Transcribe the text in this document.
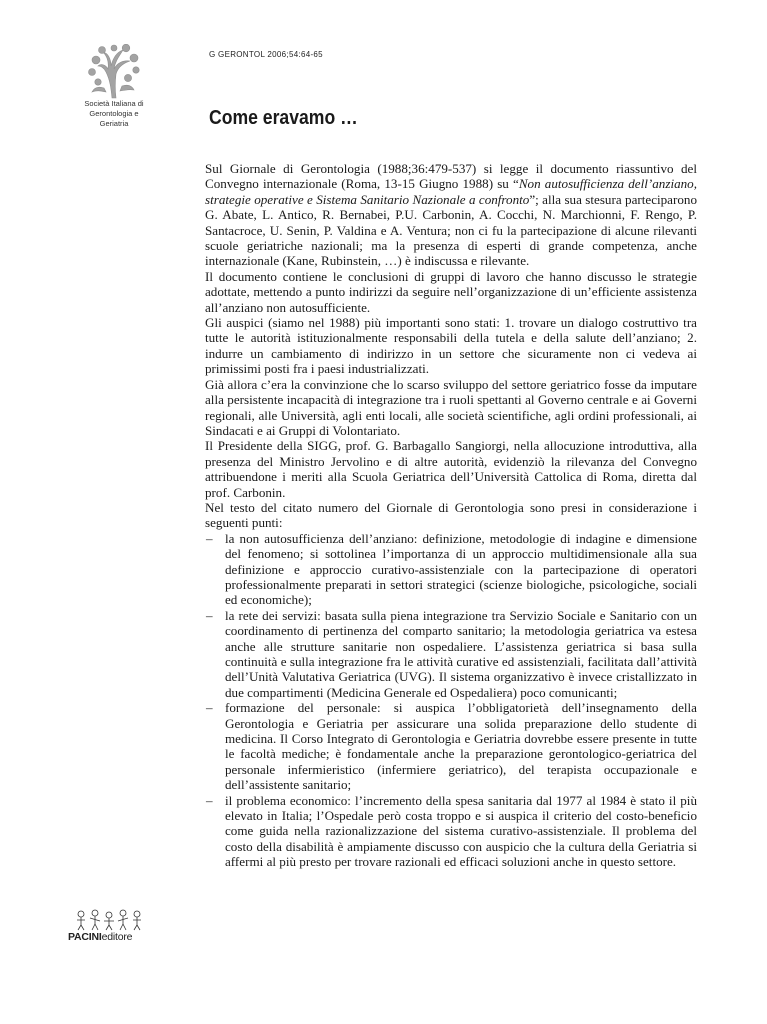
Società Italiana di
Gerontologia e
Geriatria
G GERONTOL 2006;54:64-65
Come eravamo …

Sul Giornale di Gerontologia (1988;36:479-537) si legge il documento riassuntivo del Convegno internazionale (Roma, 13-15 Giugno 1988) su “Non autosufficienza dell’anziano, strategie operative e Sistema Sanitario Nazionale a confronto”; alla sua stesura parteciparono G. Abate, L. Antico, R. Bernabei, P.U. Carbonin, A. Cocchi, N. Marchionni, F. Rengo, P. Santacroce, U. Senin, P. Valdina e A. Ventura; non ci fu la partecipazione di alcune rilevanti scuole geriatriche nazionali; ma la presenza di esperti di grande competenza, anche internazionale (Kane, Rubinstein, …) è indiscussa e rilevante.

Il documento contiene le conclusioni di gruppi di lavoro che hanno discusso le strategie adottate, mettendo a punto indirizzi da seguire nell’organizzazione di un’efficiente assistenza all’anziano non autosufficiente.

Gli auspici (siamo nel 1988) più importanti sono stati: 1. trovare un dialogo costruttivo tra tutte le autorità istituzionalmente responsabili della tutela e della salute dell’anziano; 2. indurre un cambiamento di indirizzo in un settore che sicuramente non ci vedeva ai primissimi posti fra i paesi industrializzati.

Già allora c’era la convinzione che lo scarso sviluppo del settore geriatrico fosse da imputare alla persistente incapacità di integrazione tra i ruoli spettanti al Governo centrale e ai Governi regionali, alle Università, agli enti locali, alle società scientifiche, agli ordini professionali, ai Sindacati e ai Gruppi di Volontariato.

Il Presidente della SIGG, prof. G. Barbagallo Sangiorgi, nella allocuzione introduttiva, alla presenza del Ministro Jervolino e di altre autorità, evidenziò la rilevanza del Convegno attribuendone i meriti alla Scuola Geriatrica dell’Università Cattolica di Roma, diretta dal prof. Carbonin.

Nel testo del citato numero del Giornale di Gerontologia sono presi in considerazione i seguenti punti:

– la non autosufficienza dell’anziano: definizione, metodologie di indagine e dimensione del fenomeno; si sottolinea l’importanza di un approccio multidimensionale alla sua definizione e approccio curativo-assistenziale con la partecipazione di operatori professionalmente preparati in settori strategici (scienze biologiche, psicologiche, sociali ed economiche);
– la rete dei servizi: basata sulla piena integrazione tra Servizio Sociale e Sanitario con un coordinamento di pertinenza del comparto sanitario; la metodologia geriatrica va estesa anche alle strutture sanitarie non ospedaliere. L’assistenza geriatrica si basa sulla continuità e sulla integrazione fra le attività curative ed assistenziali, facilitata dall’attività dell’Unità Valutativa Geriatrica (UVG). Il sistema organizzativo è invece cristallizzato in due compartimenti (Medicina Generale ed Ospedaliera) poco comunicanti;
– formazione del personale: si auspica l’obbligatorietà dell’insegnamento della Gerontologia e Geriatria per assicurare una solida preparazione dello studente di medicina. Il Corso Integrato di Gerontologia e Geriatria dovrebbe essere presente in tutte le facoltà mediche; è fondamentale anche la preparazione gerontologico-geriatrica del personale infermieristico (infermiere geriatrico), del terapista occupazionale e dell’assistente sanitario;
– il problema economico: l’incremento della spesa sanitaria dal 1977 al 1984 è stato il più elevato in Italia; l’Ospedale però costa troppo e si auspica il criterio del costo-beneficio come guida nella razionalizzazione del sistema curativo-assistenziale. Il problema del costo della disabilità è ampiamente discusso con auspicio che la cultura della Geriatria si affermi al più presto per trovare razionali ed efficaci soluzioni anche in questo settore.
PACINIeditore
